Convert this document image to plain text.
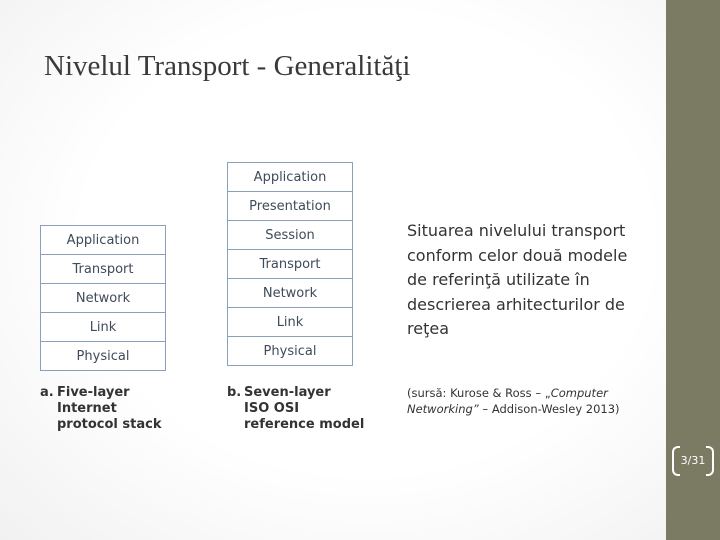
Nivelul Transport - Generalităţi
Application
Transport
Network
Link
Physical
Application
Presentation
Session
Transport
Network
Link
Physical
a. Five-layer
Internet
protocol stack
b. Seven-layer
ISO OSI
reference model
Situarea nivelului transport conform celor două modele de referinţă utilizate în descrierea arhitecturilor de reţea
(sursă: Kurose & Ross – „Computer Networking” – Addison-Wesley 2013)
3/31
